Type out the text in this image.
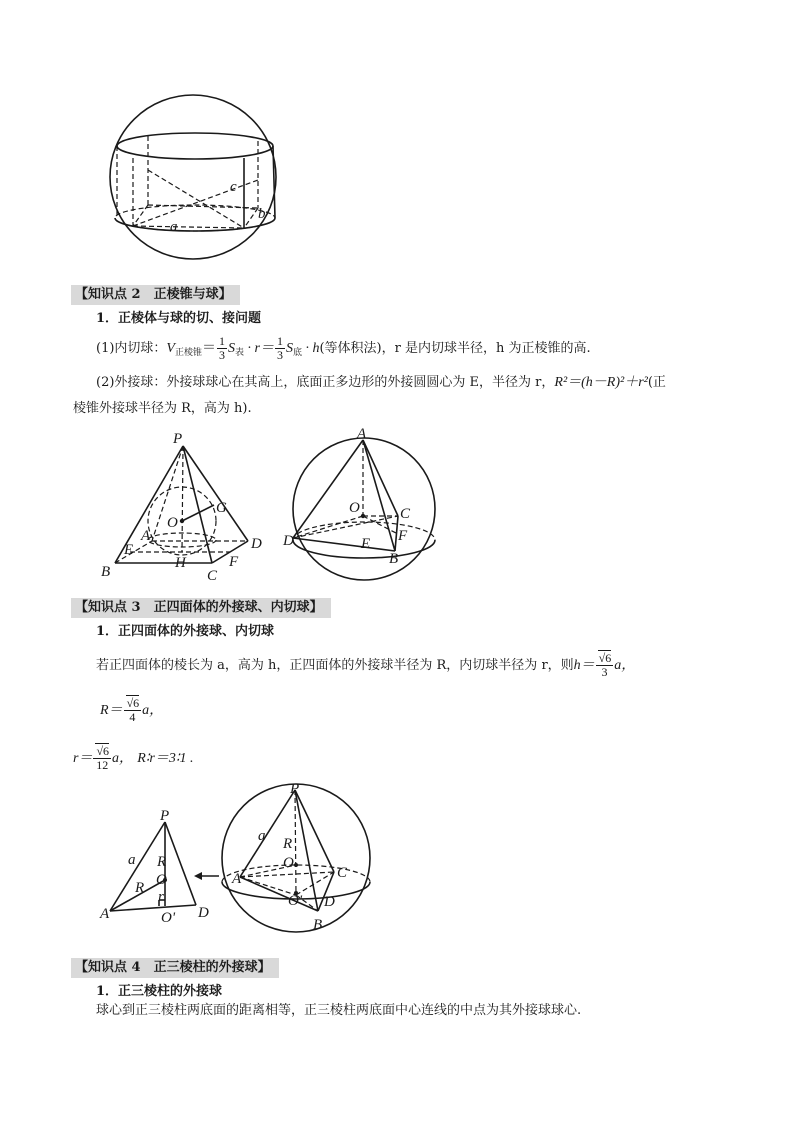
c
b
a
【知识点 2　正棱锥与球】
1．正棱体与球的切、接问题
(1)内切球：$V_{正棱锥}= \frac{1}{3} S_表 \cdot r= \frac{1}{3} S_底 \cdot h$(等体积法)，r 是内切球半径，h 为正棱锥的高.
(2)外接球：外接球球心在其高上，底面正多边形的外接圆圆心为 E，半径为 r，R²＝(h－R)²＋r²(正
棱锥外接球半径为 R，高为 h).
P
G
O
A
E	D
H	F
B	C
A
O	C
D	E F
B
【知识点 3　正四面体的外接球、内切球】
1．正四面体的外接球、内切球
若正四面体的棱长为 a，高为 h，正四面体的外接球半径为 R，内切球半径为 r，则$h= \frac{√6}{3}$ a，
$R= \frac{√6}{4}$ a，
$r= \frac{√6}{12}$ a， R∶r＝3∶1 .
P
a R
O
R
r
A	O' D
P
a R
O
A	C
O' D
B
【知识点 4　正三棱柱的外接球】
1．正三棱柱的外接球
球心到正三棱柱两底面的距离相等，正三棱柱两底面中心连线的中点为其外接球球心.
